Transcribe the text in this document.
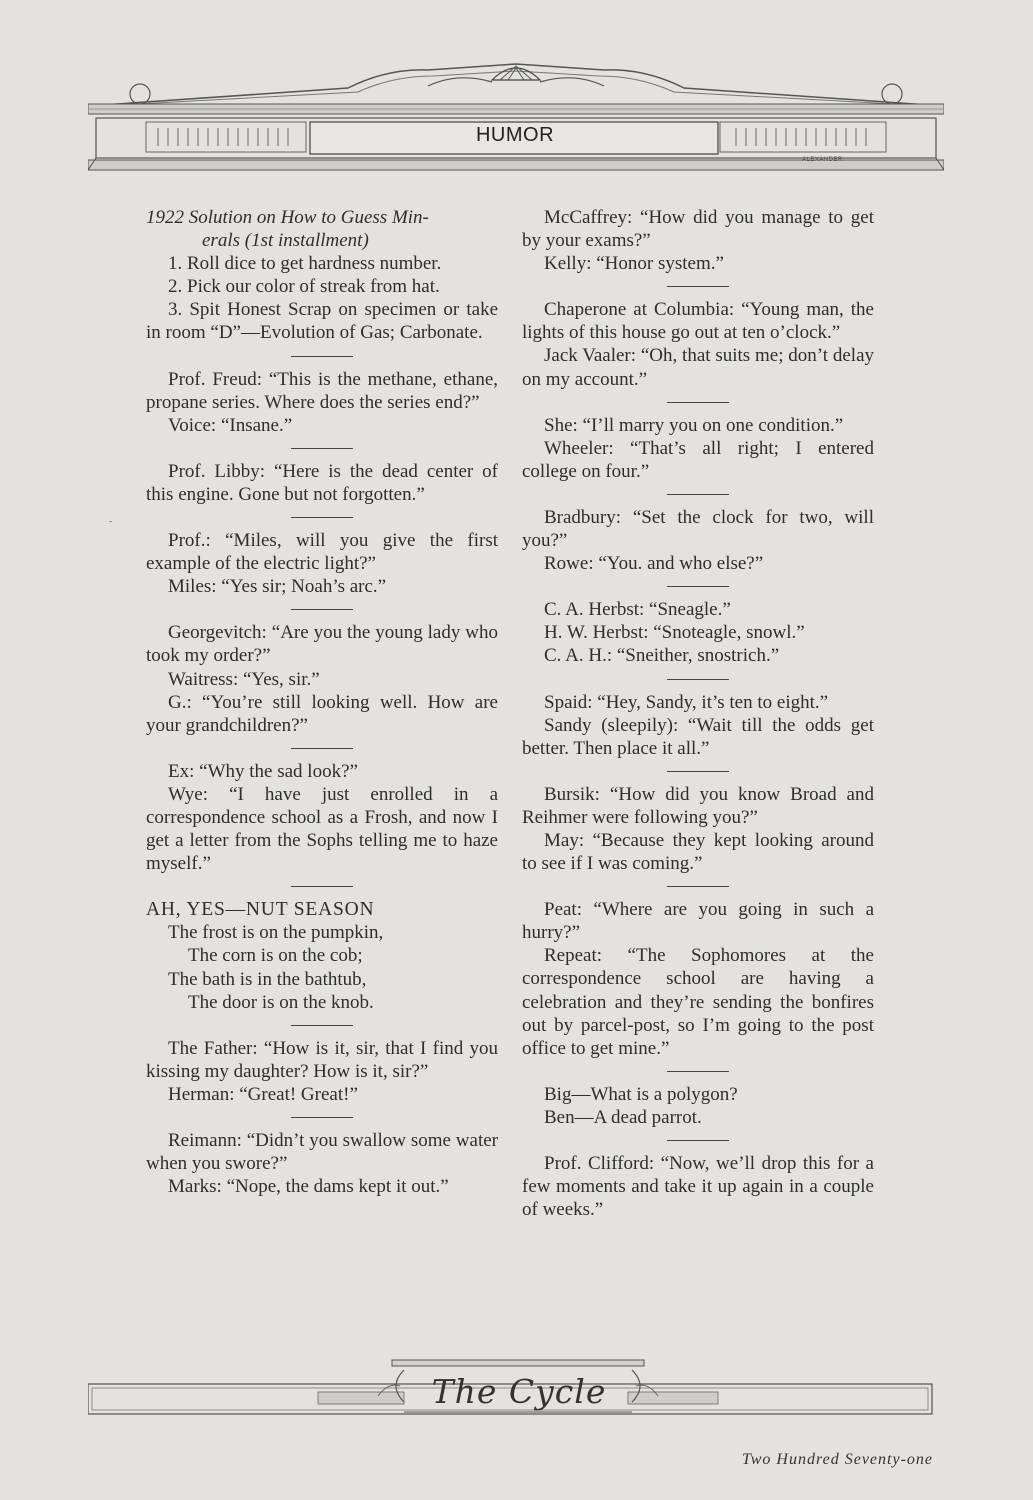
HUMOR
ALEXANDER
-

1922 Solution on How to Guess Min-

erals (1st installment)

1. Roll dice to get hardness number.

2. Pick our color of streak from hat.

3. Spit Honest Scrap on specimen or take in room “D”—Evolution of Gas; Carbonate.

Prof. Freud: “This is the methane, ethane, propane series. Where does the series end?”

Voice: “Insane.”

Prof. Libby: “Here is the dead center of this engine. Gone but not forgotten.”

Prof.: “Miles, will you give the first example of the electric light?”

Miles: “Yes sir; Noah’s arc.”

Georgevitch: “Are you the young lady who took my order?”

Waitress: “Yes, sir.”

G.: “You’re still looking well. How are your grandchildren?”

Ex: “Why the sad look?”

Wye: “I have just enrolled in a correspondence school as a Frosh, and now I get a letter from the Sophs telling me to haze myself.”

AH, YES—NUT SEASON

The frost is on the pumpkin,

The corn is on the cob;

The bath is in the bathtub,

The door is on the knob.

The Father: “How is it, sir, that I find you kissing my daughter? How is it, sir?”

Herman: “Great! Great!”

Reimann: “Didn’t you swallow some water when you swore?”

Marks: “Nope, the dams kept it out.”

McCaffrey: “How did you manage to get by your exams?”

Kelly: “Honor system.”

Chaperone at Columbia: “Young man, the lights of this house go out at ten o’clock.”

Jack Vaaler: “Oh, that suits me; don’t delay on my account.”

She: “I’ll marry you on one condition.”

Wheeler: “That’s all right; I entered college on four.”

Bradbury: “Set the clock for two, will you?”

Rowe: “You. and who else?”

C. A. Herbst: “Sneagle.”

H. W. Herbst: “Snoteagle, snowl.”

C. A. H.: “Sneither, snostrich.”

Spaid: “Hey, Sandy, it’s ten to eight.”

Sandy (sleepily): “Wait till the odds get better. Then place it all.”

Bursik: “How did you know Broad and Reihmer were following you?”

May: “Because they kept looking around to see if I was coming.”

Peat: “Where are you going in such a hurry?”

Repeat: “The Sophomores at the correspondence school are having a celebration and they’re sending the bonfires out by parcel-post, so I’m going to the post office to get mine.”

Big—What is a polygon?

Ben—A dead parrot.

Prof. Clifford: “Now, we’ll drop this for a few moments and take it up again in a couple of weeks.”

The Cycle
Two Hundred Seventy-one
